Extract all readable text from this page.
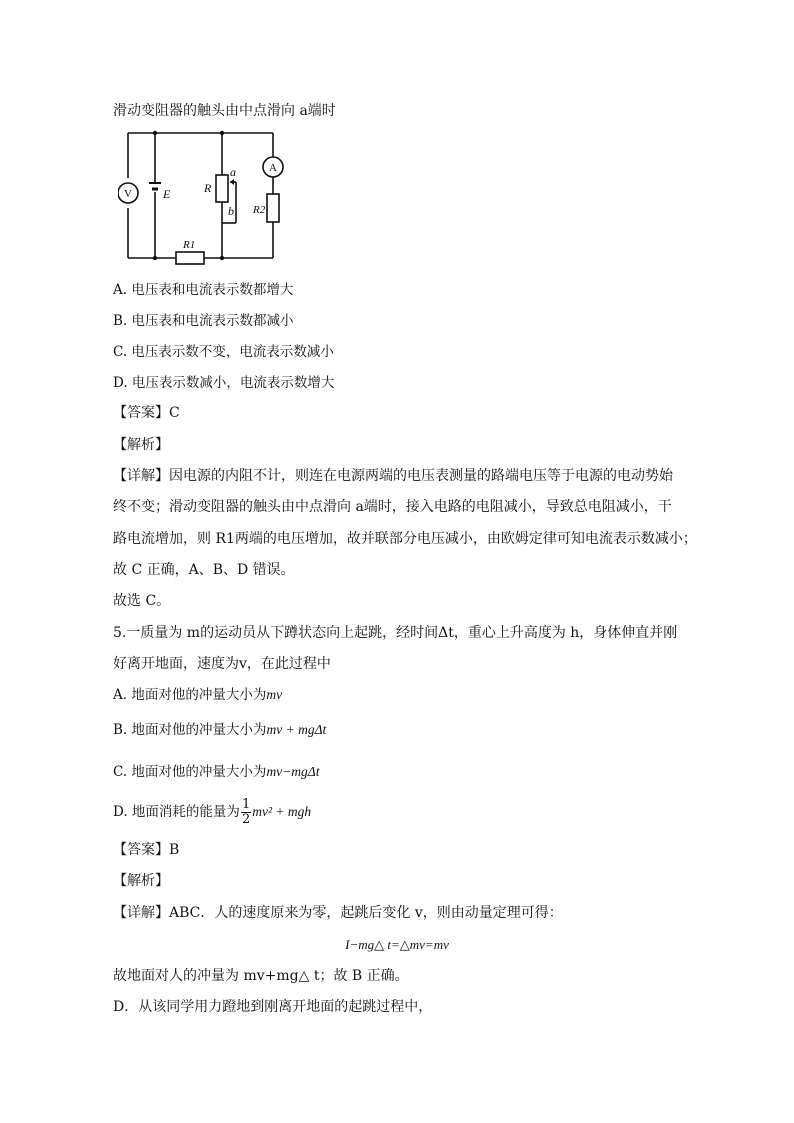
滑动变阻器的触头由中点滑向 a端时
V
A
E	R
a
b R2
R1
A. 电压表和电流表示数都增大
B. 电压表和电流表示数都减小
C. 电压表示数不变，电流表示数减小
D. 电压表示数减小，电流表示数增大
【答案】C
【解析】
【详解】因电源的内阻不计，则连在电源两端的电压表测量的路端电压等于电源的电动势始
终不变；滑动变阻器的触头由中点滑向 a端时，接入电路的电阻减小，导致总电阻减小，干
路电流增加，则 R1两端的电压增加，故并联部分电压减小，由欧姆定律可知电流表示数减小；
故 C 正确，A、B、D 错误。
故选 C。
5.一质量为 m的运动员从下蹲状态向上起跳，经时间Δt，重心上升高度为 h，身体伸直并刚
好离开地面，速度为v，在此过程中
A. 地面对他的冲量大小为mv
B. 地面对他的冲量大小为mv + mgΔt
C. 地面对他的冲量大小为mv−mgΔt
D. 地面消耗的能量为 $\frac{1}{2} mv^2$ + mgh
【答案】B
【解析】
【详解】ABC．人的速度原来为零，起跳后变化 v，则由动量定理可得：
I−mg△ t=△mv=mv
故地面对人的冲量为 mv+mg△ t；故 B 正确。
D．从该同学用力蹬地到刚离开地面的起跳过程中，
